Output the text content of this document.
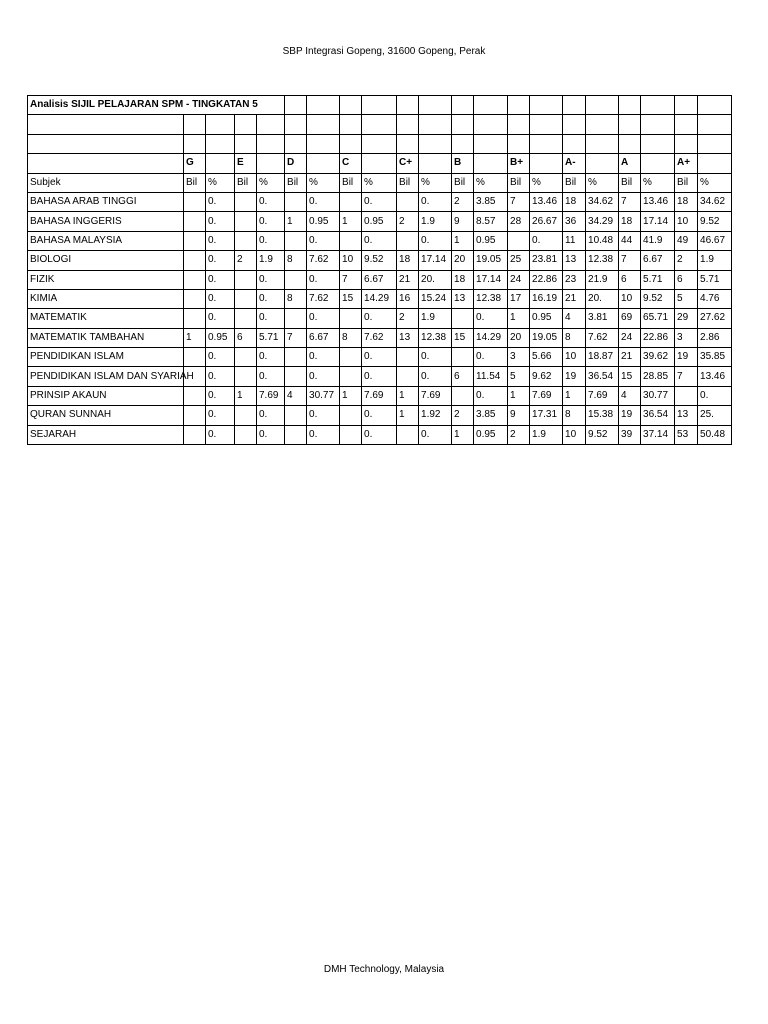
SBP Integrasi Gopeng, 31600 Gopeng, Perak
Analisis SIJIL PELAJARAN SPM - TINGKATAN 5																				

	G		E		D		C		C+		B		B+		A-		A		A+	
Subjek	Bil	%	Bil	%	Bil	%	Bil	%	Bil	%	Bil	%	Bil	%	Bil	%	Bil	%	Bil	%
BAHASA ARAB TINGGI		0.		0.		0.		0.		0.	2	3.85	7	13.46	18	34.62	7	13.46	18	34.62
BAHASA INGGERIS		0.		0.	1	0.95	1	0.95	2	1.9	9	8.57	28	26.67	36	34.29	18	17.14	10	9.52
BAHASA MALAYSIA		0.		0.		0.		0.		0.	1	0.95		0.	11	10.48	44	41.9	49	46.67
BIOLOGI		0.	2	1.9	8	7.62	10	9.52	18	17.14	20	19.05	25	23.81	13	12.38	7	6.67	2	1.9
FIZIK		0.		0.		0.	7	6.67	21	20.	18	17.14	24	22.86	23	21.9	6	5.71	6	5.71
KIMIA		0.		0.	8	7.62	15	14.29	16	15.24	13	12.38	17	16.19	21	20.	10	9.52	5	4.76
MATEMATIK		0.		0.		0.		0.	2	1.9		0.	1	0.95	4	3.81	69	65.71	29	27.62
MATEMATIK TAMBAHAN	1	0.95	6	5.71	7	6.67	8	7.62	13	12.38	15	14.29	20	19.05	8	7.62	24	22.86	3	2.86
PENDIDIKAN ISLAM		0.		0.		0.		0.		0.		0.	3	5.66	10	18.87	21	39.62	19	35.85
PENDIDIKAN ISLAM DAN SYARIAH		0.		0.		0.		0.		0.	6	11.54	5	9.62	19	36.54	15	28.85	7	13.46
PRINSIP AKAUN		0.	1	7.69	4	30.77	1	7.69	1	7.69		0.	1	7.69	1	7.69	4	30.77		0.
QURAN SUNNAH		0.		0.		0.		0.	1	1.92	2	3.85	9	17.31	8	15.38	19	36.54	13	25.
SEJARAH		0.		0.		0.		0.		0.	1	0.95	2	1.9	10	9.52	39	37.14	53	50.48
DMH Technology, Malaysia
